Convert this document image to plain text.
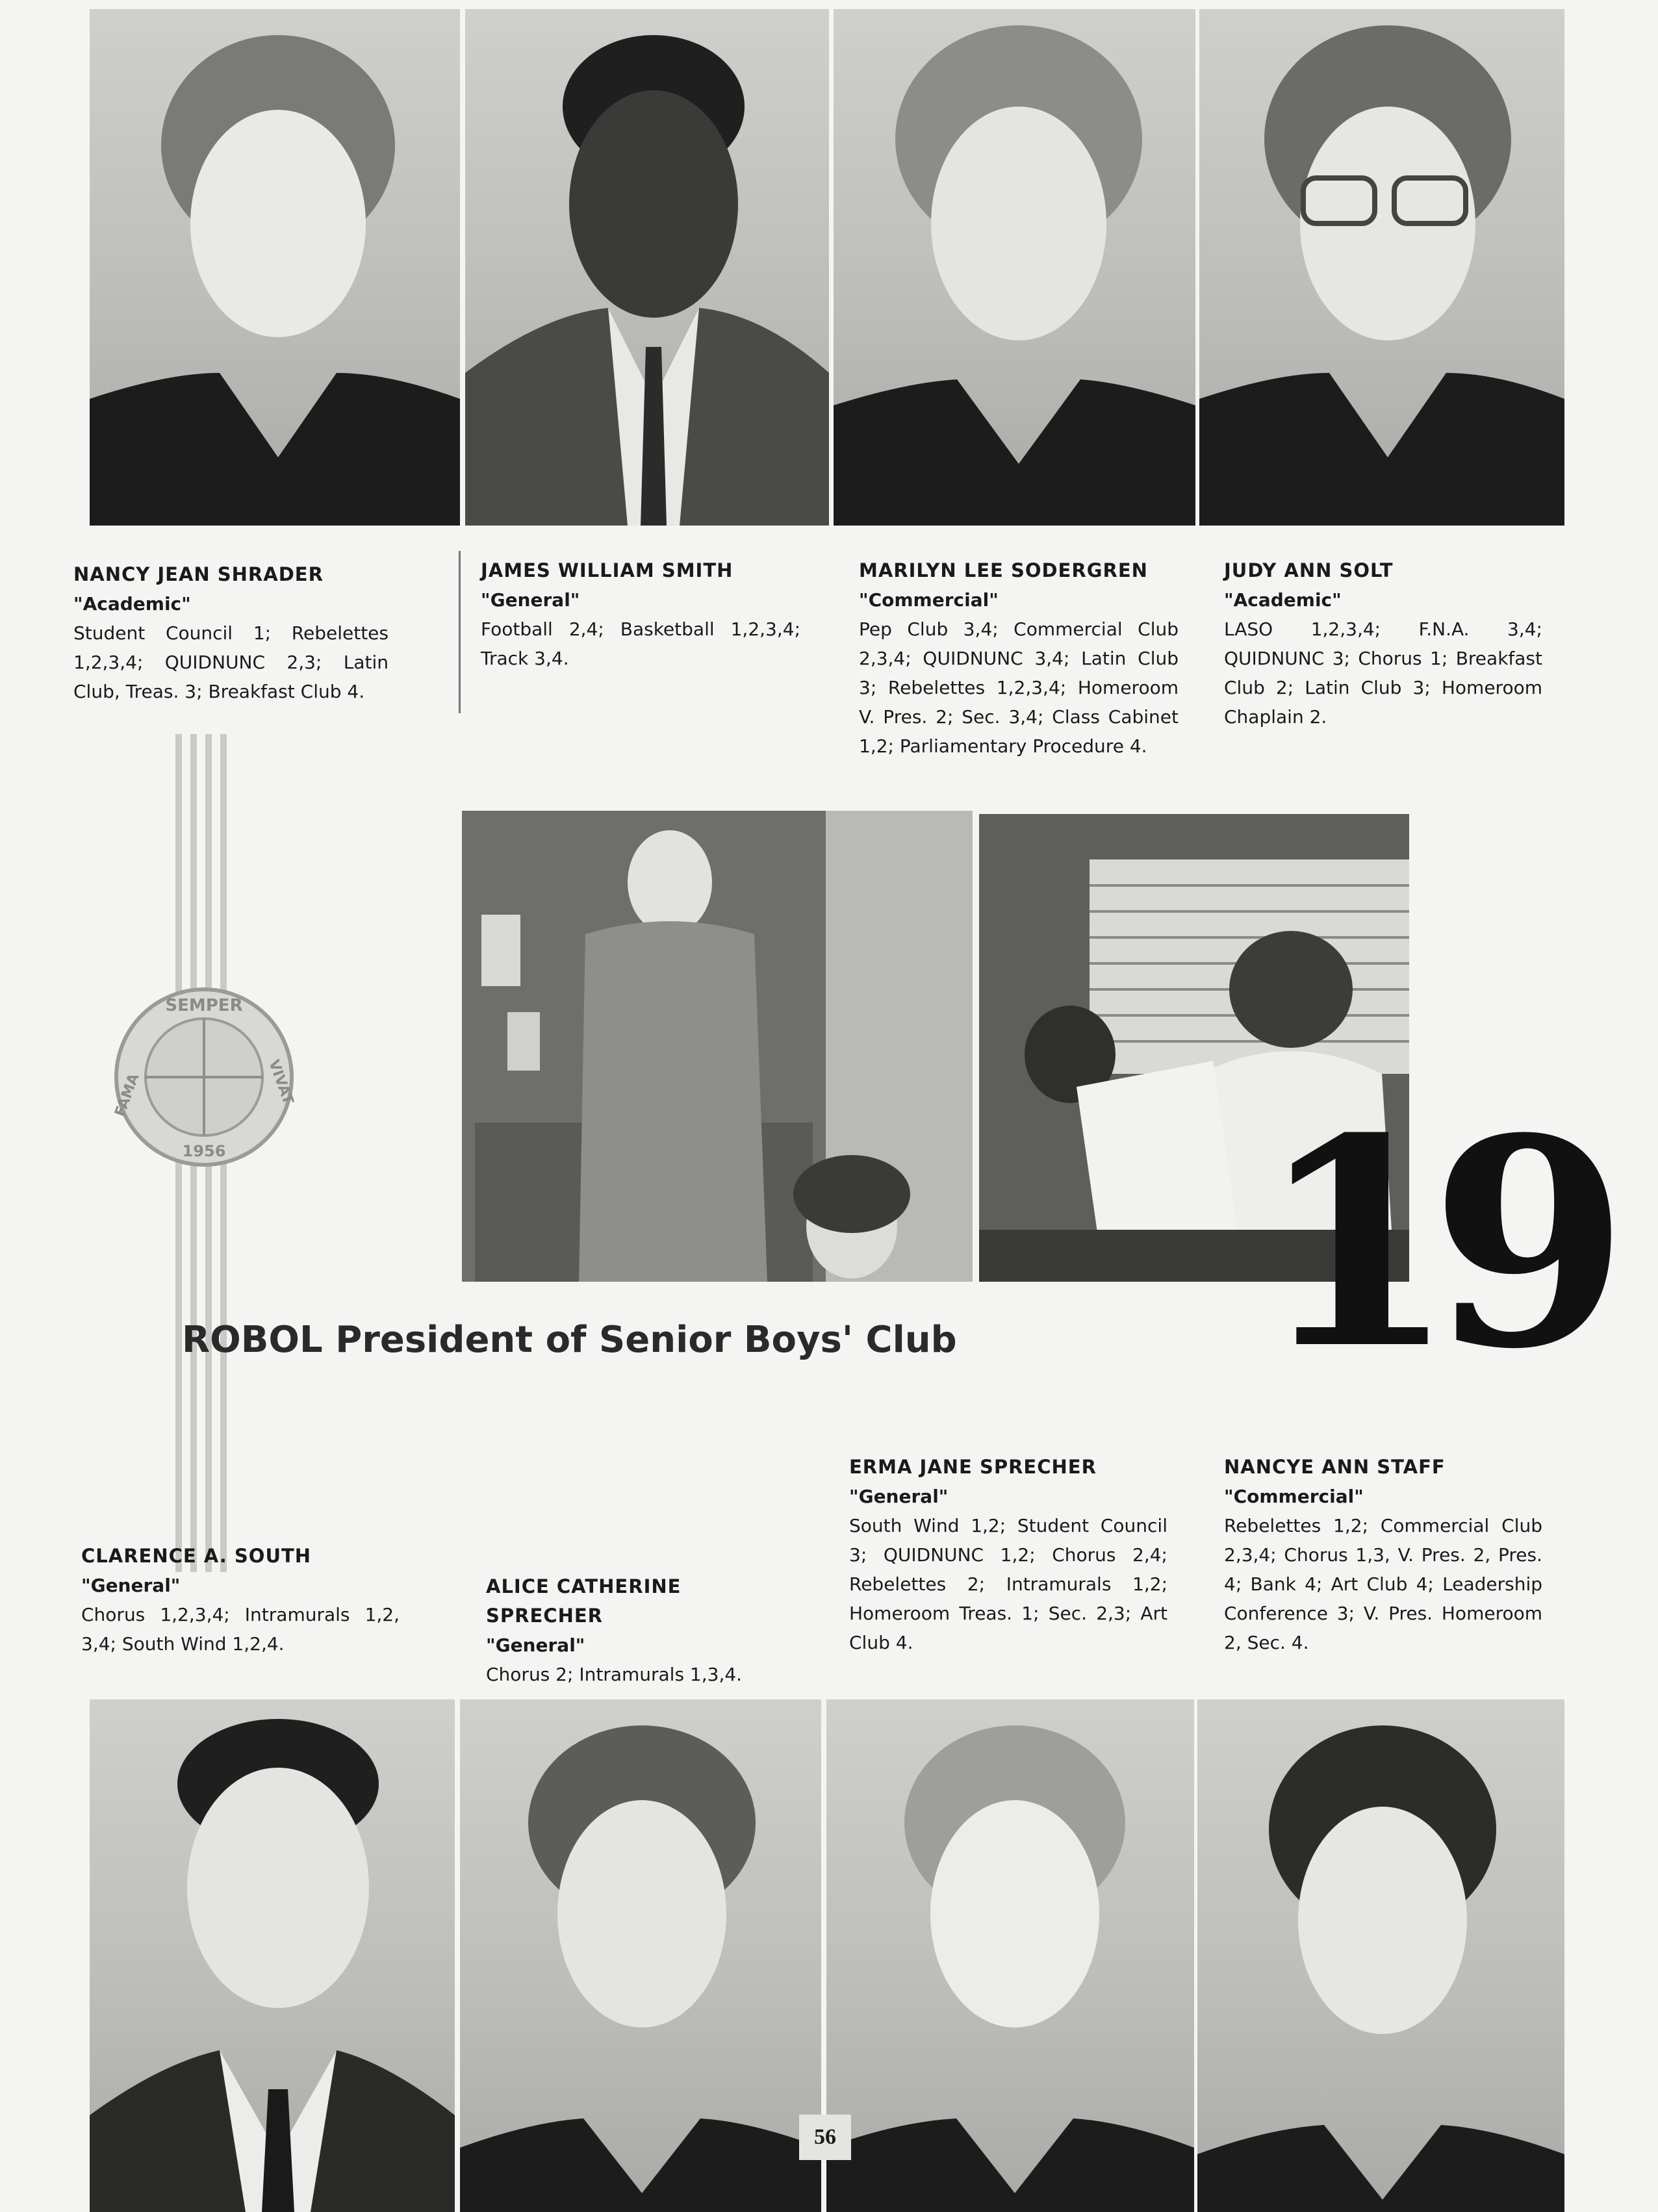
NANCY JEAN SHRADER
"Academic"
Student Council 1; Rebelettes 1,2,3,4; QUIDNUNC 2,3; Latin Club, Treas. 3; Breakfast Club 4.
JAMES WILLIAM SMITH
"General"
Football 2,4; Basketball 1,2,3,4; Track 3,4.
MARILYN LEE SODERGREN
"Commercial"
Pep Club 3,4; Commercial Club 2,3,4; QUIDNUNC 3,4; Latin Club 3; Rebelettes 1,2,3,4; Homeroom V. Pres. 2; Sec. 3,4; Class Cabinet 1,2; Parliamentary Procedure 4.
JUDY ANN SOLT
"Academic"
LASO 1,2,3,4; F.N.A. 3,4; QUIDNUNC 3; Chorus 1; Breakfast Club 2; Latin Club 3; Homeroom Chaplain 2.
19
SEMPER
FAMA	VIVAT
1956
ROBOL President of Senior Boys' Club
CLARENCE A. SOUTH
"General"
Chorus 1,2,3,4; Intramurals 1,2, 3,4; South Wind 1,2,4.
ALICE CATHERINE SPRECHER
"General"
Chorus 2; Intramurals 1,3,4.
ERMA JANE SPRECHER
"General"
South Wind 1,2; Student Council 3; QUIDNUNC 1,2; Chorus 2,4; Rebelettes 2; Intramurals 1,2; Homeroom Treas. 1; Sec. 2,3; Art Club 4.
NANCYE ANN STAFF
"Commercial"
Rebelettes 1,2; Commercial Club 2,3,4; Chorus 1,3, V. Pres. 2, Pres. 4; Bank 4; Art Club 4; Leadership Conference 3; V. Pres. Homeroom 2, Sec. 4.
56
